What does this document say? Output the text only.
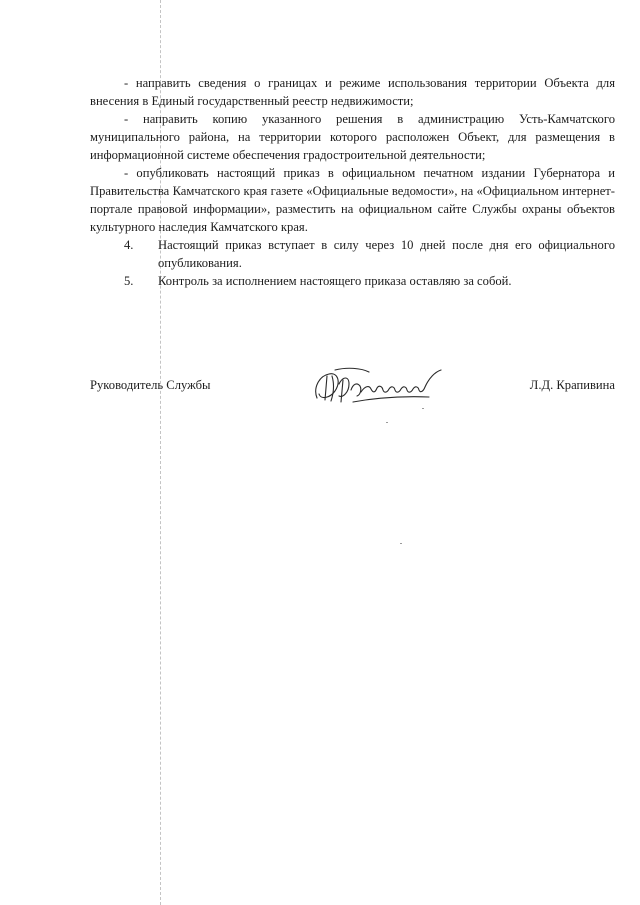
- направить сведения о границах и режиме использования территории Объекта для внесения в Единый государственный реестр недвижимости;

- направить копию указанного решения в администрацию Усть-Камчатского муниципального района, на территории которого расположен Объект, для размещения в информационной системе обеспечения градостроительной деятельности;

- опубликовать настоящий приказ в официальном печатном издании Губернатора и Правительства Камчатского края газете «Официальные ведомости», на «Официальном интернет-портале правовой информации», разместить на официальном сайте Службы охраны объектов культурного наследия Камчатского края.

4.	Настоящий приказ вступает в силу через 10 дней после дня его официального опубликования.
5.	Контроль за исполнением настоящего приказа оставляю за собой.
Руководитель Службы	Л.Д. Крапивина
